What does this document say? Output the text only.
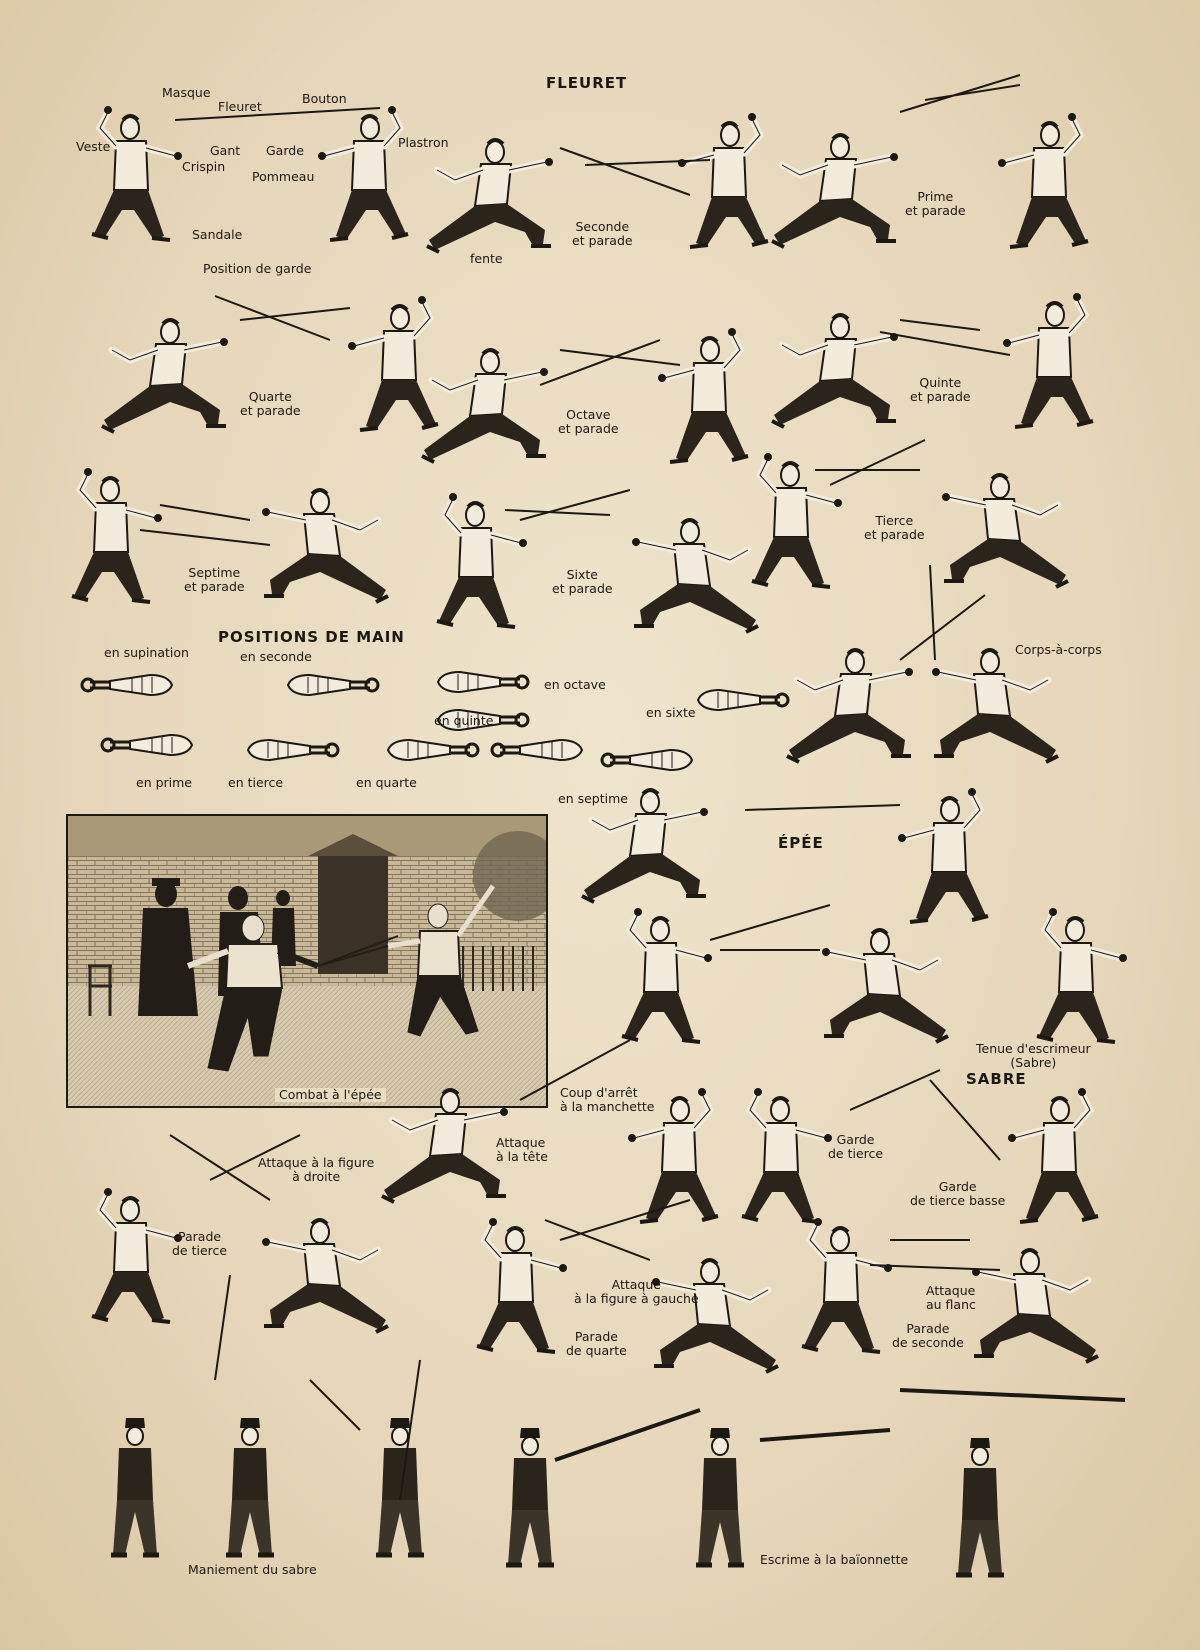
FLEURET
POSITIONS DE MAIN
ÉPÉE
SABRE
Masque	Bouton
Fleuret
Veste	Gant Garde
Plastron
Crispin
Pommeau
Sandale
Position de garde
fente
Seconde
et parade
Prime
et parade
Quarte
et parade	Octave
et parade
Quinte
et parade
Septime
et parade
Sixte
et parade
Tierce
et parade
Corps-à-corps
en supination	en seconde
en octave
en quinte
en sixte
en prime	en tierce	en quarte
en septime
Combat à l'épée
Tenue d'escrimeur
(Sabre)
Coup d'arrêt
à la manchette
Attaque
à la tête
Garde
de tierce
Garde
de tierce basse
Attaque à la figure
à droite
Parade
de tierce
Attaque
à la figure à gauche
Parade
de quarte
Attaque
au flanc
Parade
de seconde
Maniement du sabre
Escrime à la baïonnette
